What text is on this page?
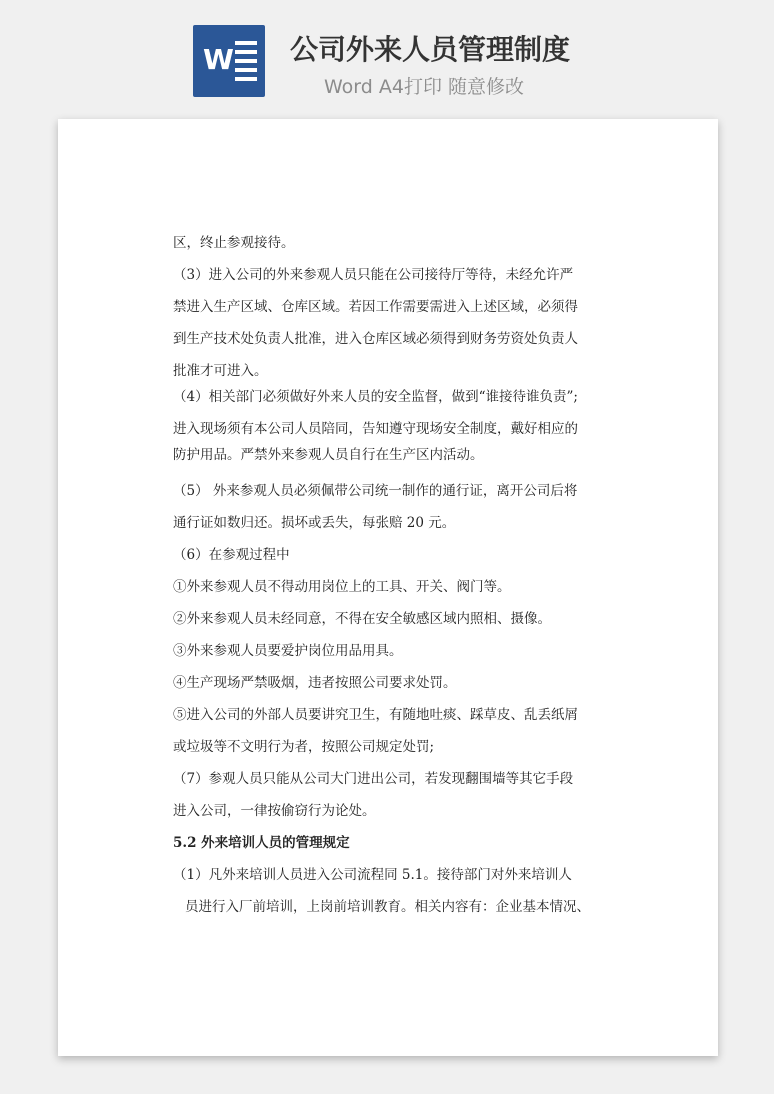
W 公司外来人员管理制度
Word A4打印 随意修改
区，终止参观接待。
（3）进入公司的外来参观人员只能在公司接待厅等待，未经允许严
禁进入生产区域、仓库区域。若因工作需要需进入上述区域，必须得
到生产技术处负责人批准，进入仓库区域必须得到财务劳资处负责人
批准才可进入。
（4）相关部门必须做好外来人员的安全监督，做到“谁接待谁负责”;
进入现场须有本公司人员陪同，告知遵守现场安全制度，戴好相应的
防护用品。严禁外来参观人员自行在生产区内活动。
（5） 外来参观人员必须佩带公司统一制作的通行证，离开公司后将
通行证如数归还。损坏或丢失，每张赔 20 元。
（6）在参观过程中
①外来参观人员不得动用岗位上的工具、开关、阀门等。
②外来参观人员未经同意，不得在安全敏感区域内照相、摄像。
③外来参观人员要爱护岗位用品用具。
④生产现场严禁吸烟，违者按照公司要求处罚。
⑤进入公司的外部人员要讲究卫生，有随地吐痰、踩草皮、乱丢纸屑
或垃圾等不文明行为者，按照公司规定处罚;
（7）参观人员只能从公司大门进出公司，若发现翻围墙等其它手段
进入公司，一律按偷窃行为论处。
5.2 外来培训人员的管理规定
（1）凡外来培训人员进入公司流程同 5.1。接待部门对外来培训人
员进行入厂前培训，上岗前培训教育。相关内容有：企业基本情况、
